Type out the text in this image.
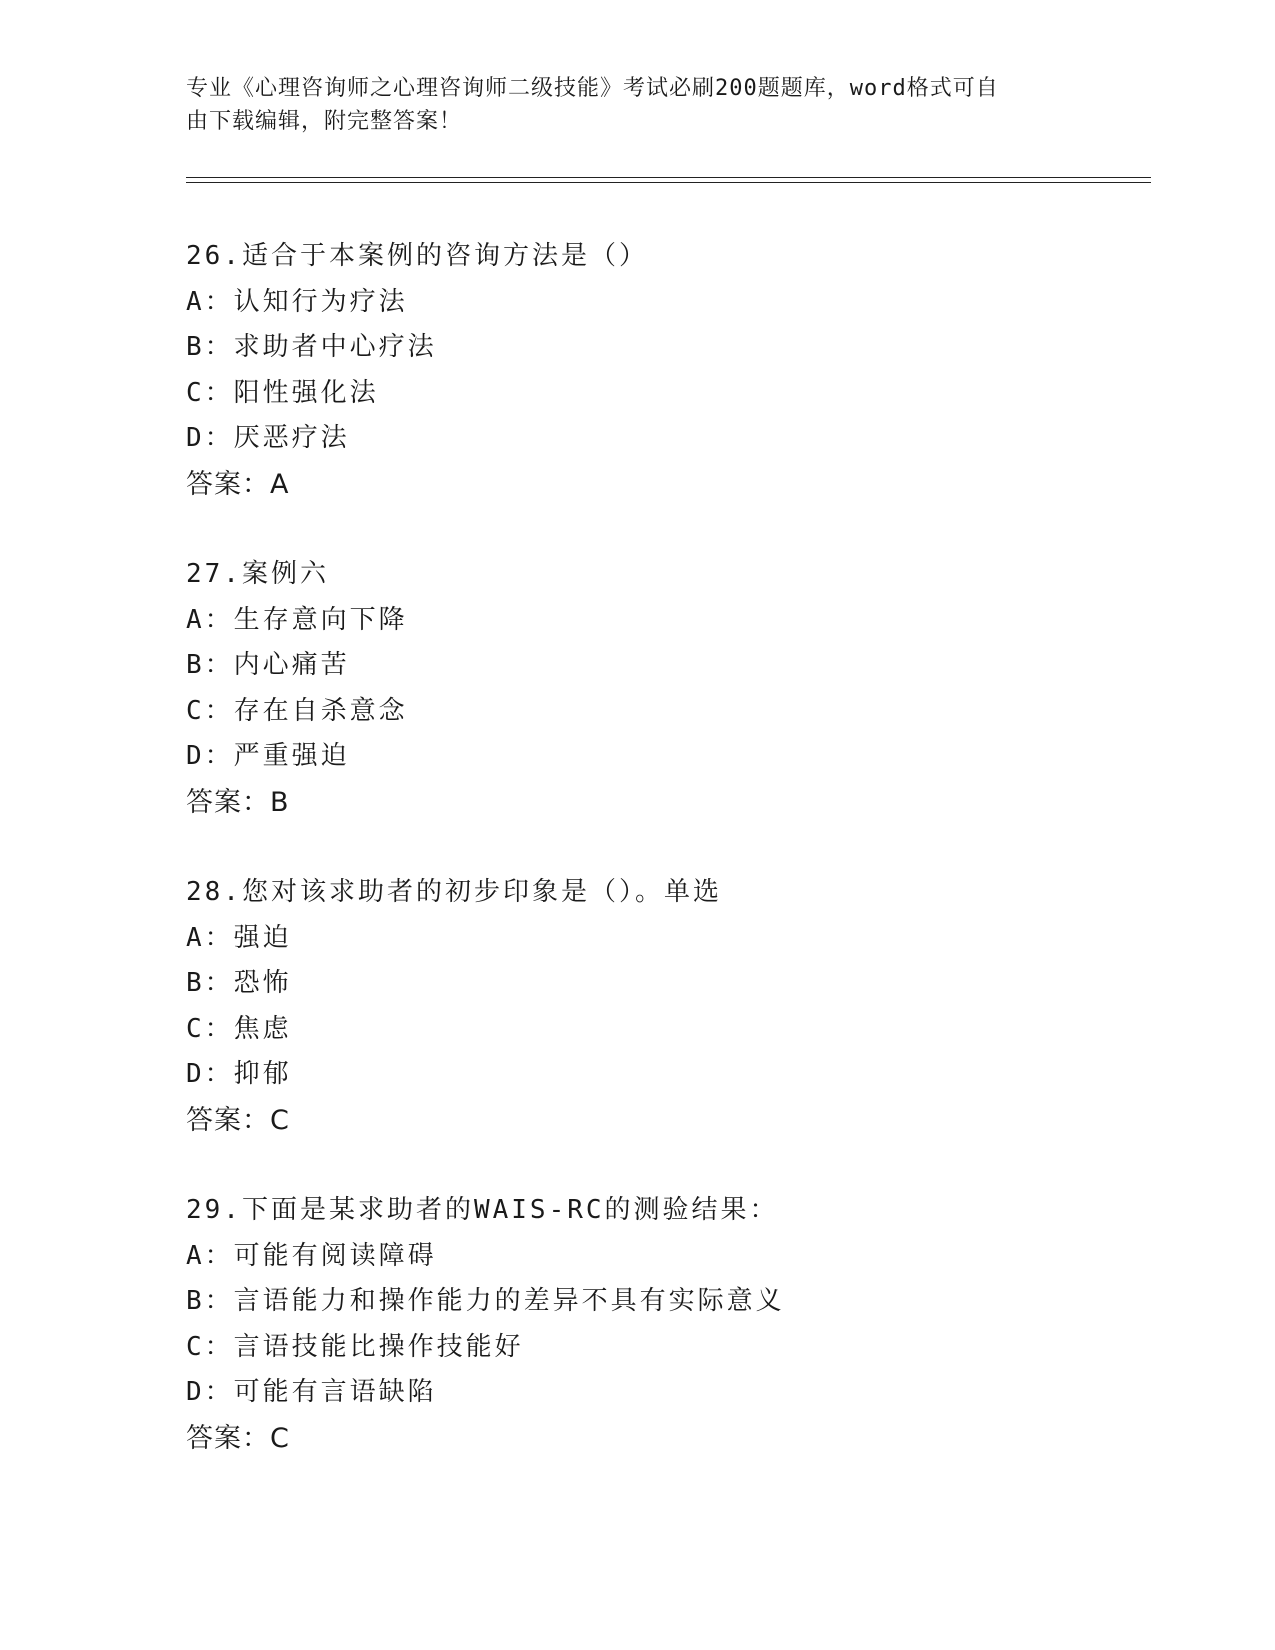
专业《心理咨询师之心理咨询师二级技能》考试必刷200题题库，word格式可自
由下载编辑，附完整答案！
26.适合于本案例的咨询方法是（）
A：认知行为疗法
B：求助者中心疗法
C：阳性强化法
D：厌恶疗法
答案：A
27.案例六
A：生存意向下降
B：内心痛苦
C：存在自杀意念
D：严重强迫
答案：B
28.您对该求助者的初步印象是（）。单选
A：强迫
B：恐怖
C：焦虑
D：抑郁
答案：C
29.下面是某求助者的WAIS-RC的测验结果：
A：可能有阅读障碍
B：言语能力和操作能力的差异不具有实际意义
C：言语技能比操作技能好
D：可能有言语缺陷
答案：C
